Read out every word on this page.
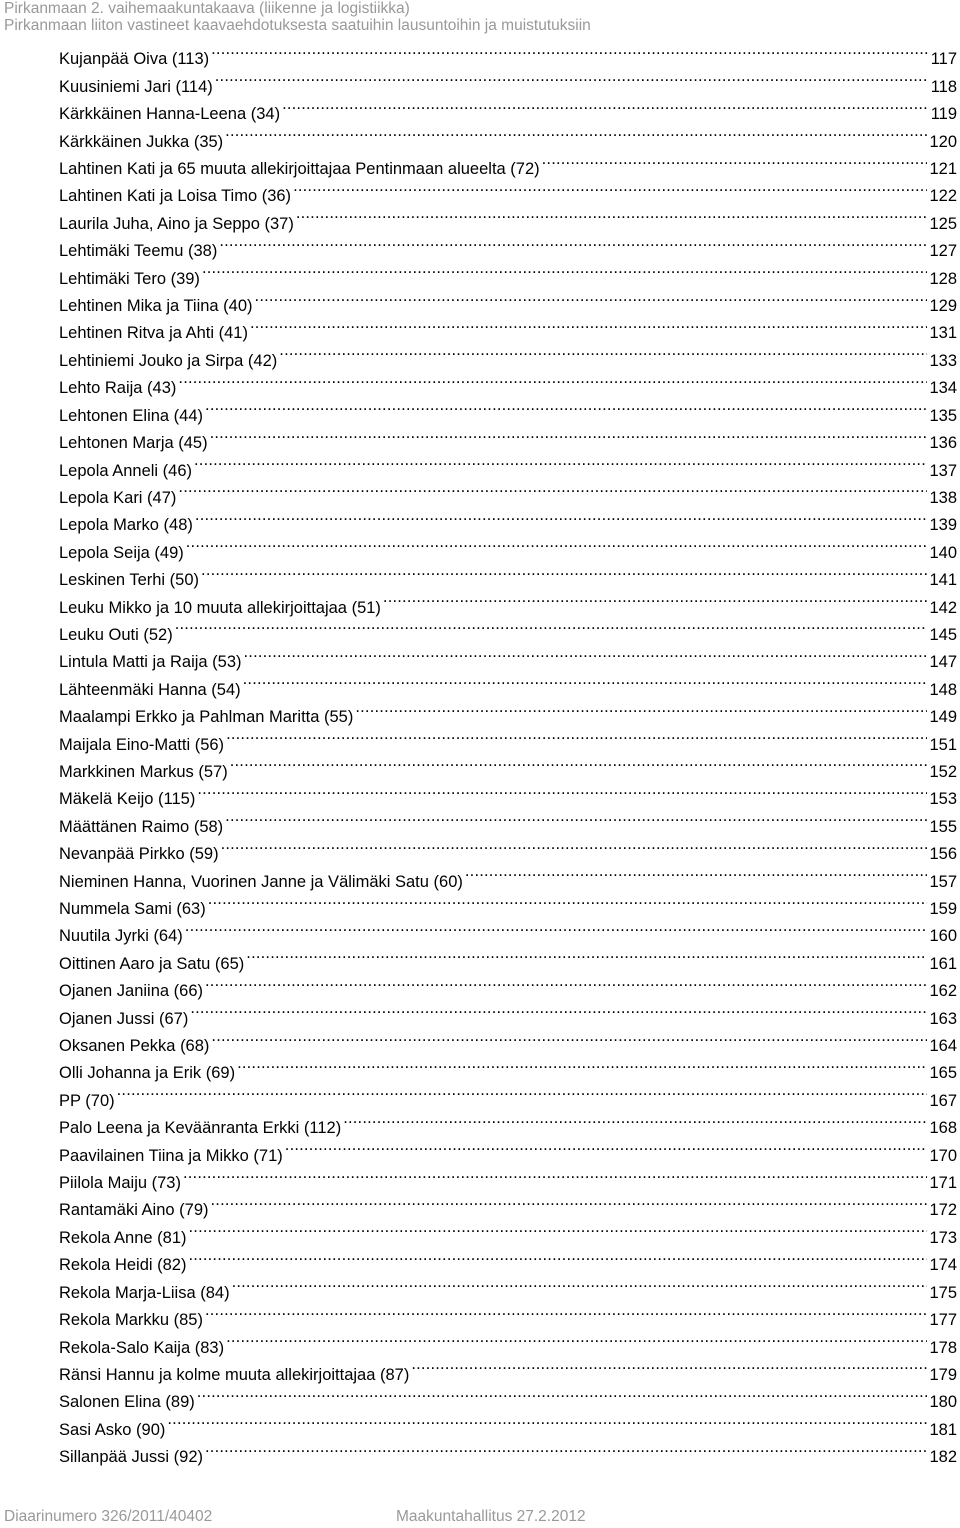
Pirkanmaan 2. vaihemaakuntakaava (liikenne ja logistiikka)
Pirkanmaan liiton vastineet kaavaehdotuksesta saatuihin lausuntoihin ja muistutuksiin
Kujanpää Oiva (113) .....	117
Kuusiniemi Jari (114) .....	118
Kärkkäinen Hanna-Leena (34) .....	119
Kärkkäinen Jukka (35) .....	120
Lahtinen Kati ja 65 muuta allekirjoittajaa Pentinmaan alueelta (72) .....	121
Lahtinen Kati ja Loisa Timo (36) .....	122
Laurila Juha, Aino ja Seppo (37) .....	125
Lehtimäki Teemu (38) .....	127
Lehtimäki Tero (39) .....	128
Lehtinen Mika ja Tiina (40) .....	129
Lehtinen Ritva ja Ahti (41) .....	131
Lehtiniemi Jouko ja Sirpa (42) .....	133
Lehto Raija (43) .....	134
Lehtonen Elina (44) .....	135
Lehtonen Marja (45) .....	136
Lepola Anneli (46) .....	137
Lepola Kari (47) .....	138
Lepola Marko (48) .....	139
Lepola Seija (49) .....	140
Leskinen Terhi (50) .....	141
Leuku Mikko ja 10 muuta allekirjoittajaa (51) .....	142
Leuku Outi (52) .....	145
Lintula Matti ja Raija (53) .....	147
Lähteenmäki Hanna (54) .....	148
Maalampi Erkko ja Pahlman Maritta (55) .....	149
Maijala Eino-Matti (56) .....	151
Markkinen Markus (57) .....	152
Mäkelä Keijo (115) .....	153
Määttänen Raimo (58) .....	155
Nevanpää Pirkko (59) .....	156
Nieminen Hanna, Vuorinen Janne ja Välimäki Satu (60) .....	157
Nummela Sami (63) .....	159
Nuutila Jyrki (64) .....	160
Oittinen Aaro ja Satu (65) .....	161
Ojanen Janiina (66) .....	162
Ojanen Jussi (67) .....	163
Oksanen Pekka (68) .....	164
Olli Johanna ja Erik (69) .....	165
PP (70) .....	167
Palo Leena ja Keväänranta Erkki (112) .....	168
Paavilainen Tiina ja Mikko (71) .....	170
Piilola Maiju (73) .....	171
Rantamäki Aino (79) .....	172
Rekola Anne (81) .....	173
Rekola Heidi (82) .....	174
Rekola Marja-Liisa (84) .....	175
Rekola Markku (85) .....	177
Rekola-Salo Kaija (83) .....	178
Ränsi Hannu ja kolme muuta allekirjoittajaa (87) .....	179
Salonen Elina (89) .....	180
Sasi Asko (90) .....	181
Sillanpää Jussi (92) .....	182
Diaarinumero 326/2011/40402	Maakuntahallitus 27.2.2012
